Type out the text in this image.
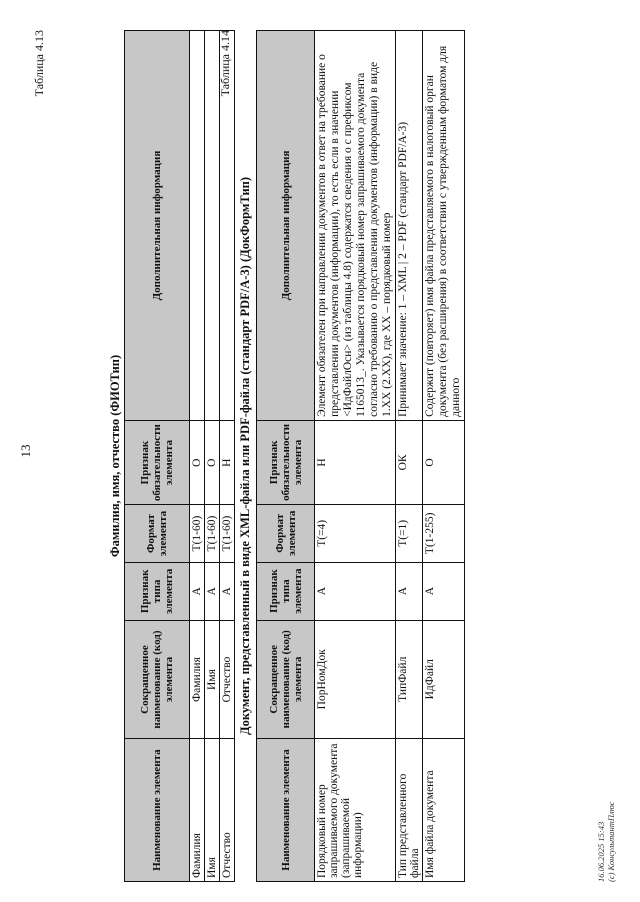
13
Таблица 4.13
Фамилия, имя, отчество (ФИОТип)
Наименование элемента	Сокращенное наименование (код) элемента	Признак типа элемента	Формат элемента	Признак обязательности элемента	Дополнительная информация
Фамилия	Фамилия	А	T(1-60)	О	
Имя	Имя	А	T(1-60)	О	
Отчество	Отчество	А	T(1-60)	Н	
Таблица 4.14
Документ, представленный в виде XML-файла или PDF-файла (стандарт PDF/A-3) (ДокФормТип)
Наименование элемента	Сокращенное наименование (код) элемента	Признак типа элемента	Формат элемента	Признак обязательности элемента	Дополнительная информация
Порядковый номер запрашиваемого документа (запрашиваемой информации)	ПорНомДок	А	T(=4)	Н	Элемент обязателен при направлении документов в ответ на требование о представлении документов (информации), то есть если в значении <ИдФайлОсн> (из таблицы 4.8) содержатся сведения о с префиксом 1165013_. Указывается порядковый номер запрашиваемого документа согласно требованию о представлении документов (информации) в виде 1.XX (2.XX), где XX – порядковый номер
Тип представленного файла	ТипФайл	А	T(=1)	ОК	Принимает значение: 1 – XML | 2 – PDF (стандарт PDF/A-3)
Имя файла документа	ИдФайл	А	T(1-255)	О	Содержит (повторяет) имя файла представляемого в налоговый орган документа (без расширения) в соответствии с утвержденным форматом для данного
16.06.2025 15:43 (c) КонсультантПлюс
